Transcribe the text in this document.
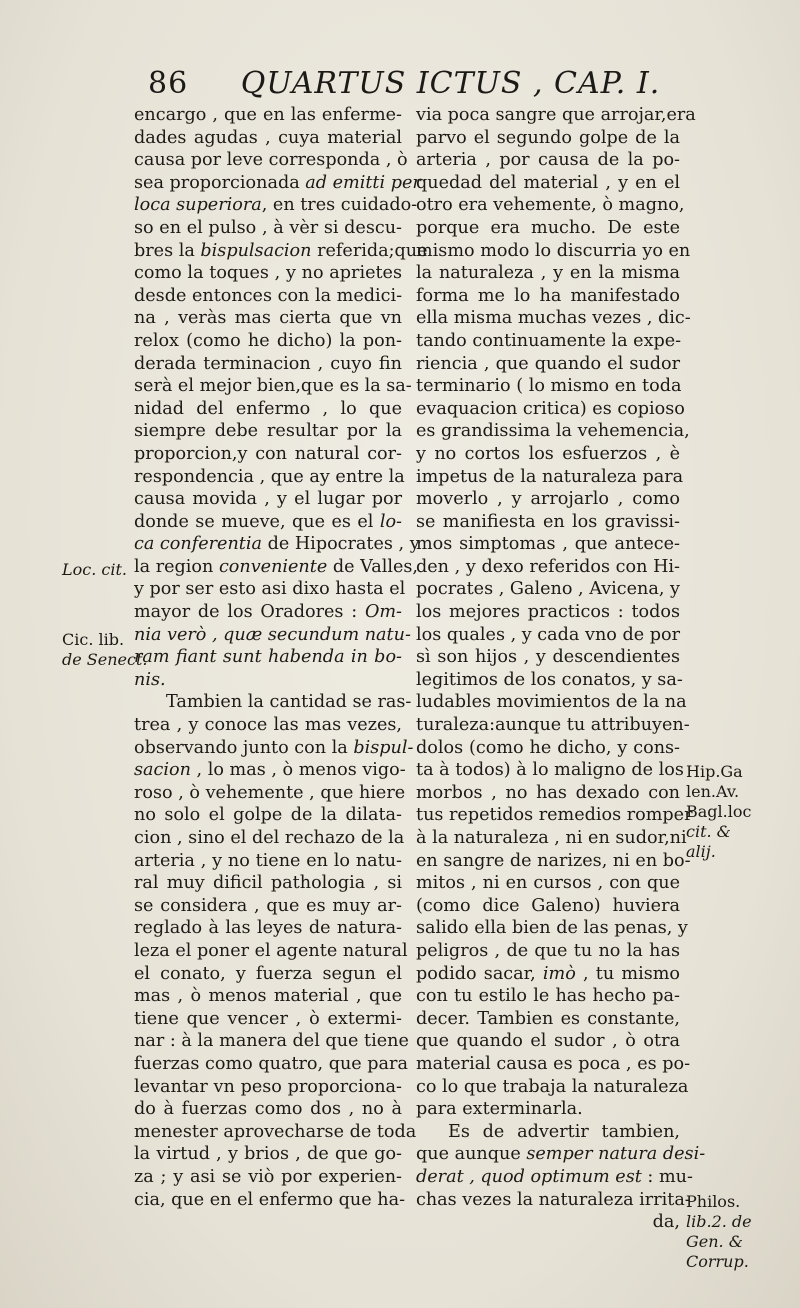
86 QUARTUS ICTUS , CAP. I.
encargo , que en las enferme-
dades agudas , cuya material
causa por leve corresponda , ò
sea proporcionada ad emitti per
loca superiora, en tres cuidado-
so en el pulso , à vèr si descu-
bres la bispulsacion referida;que
como la toques , y no aprietes
desde entonces con la medici-
na , veràs mas cierta que vn
relox (como he dicho) la pon-
derada terminacion , cuyo fin
serà el mejor bien,que es la sa-
nidad del enfermo , lo que
siempre debe resultar por la
proporcion,y con natural cor-
respondencia , que ay entre la
causa movida , y el lugar por
donde se mueve, que es el lo-
ca conferentia de Hipocrates , y
la region conveniente de Valles,
y por ser esto asi dixo hasta el
mayor de los Oradores : Om-
nia verò , quæ secundum natu-
ram fiant sunt habenda in bo-
nis.
Tambien la cantidad se ras-
trea , y conoce las mas vezes,
observando junto con la bispul-
sacion , lo mas , ò menos vigo-
roso , ò vehemente , que hiere
no solo el golpe de la dilata-
cion , sino el del rechazo de la
arteria , y no tiene en lo natu-
ral muy dificil pathologia , si
se considera , que es muy ar-
reglado à las leyes de natura-
leza el poner el agente natural
el conato, y fuerza segun el
mas , ò menos material , que
tiene que vencer , ò extermi-
nar : à la manera del que tiene
fuerzas como quatro, que para
levantar vn peso proporciona-
do à fuerzas como dos , no à
menester aprovecharse de toda
la virtud , y brios , de que go-
za ; y asi se viò por experien-
cia, que en el enfermo que ha-
via poca sangre que arrojar,era
parvo el segundo golpe de la
arteria , por causa de la po-
quedad del material , y en el
otro era vehemente, ò magno,
porque era mucho. De este
mismo modo lo discurria yo en
la naturaleza , y en la misma
forma me lo ha manifestado
ella misma muchas vezes , dic-
tando continuamente la expe-
riencia , que quando el sudor
terminario ( lo mismo en toda
evaquacion critica) es copioso
es grandissima la vehemencia,
y no cortos los esfuerzos , è
impetus de la naturaleza para
moverlo , y arrojarlo , como
se manifiesta en los gravissi-
mos simptomas , que antece-
den , y dexo referidos con Hi-
pocrates , Galeno , Avicena, y
los mejores practicos : todos
los quales , y cada vno de por
sì son hijos , y descendientes
legitimos de los conatos, y sa-
ludables movimientos de la na
turaleza:aunque tu attribuyen-
dolos (como he dicho, y cons-
ta à todos) à lo maligno de los
morbos , no has dexado con
tus repetidos remedios romper
à la naturaleza , ni en sudor,ni
en sangre de narizes, ni en bo-
mitos , ni en cursos , con que
(como dice Galeno) huviera
salido ella bien de las penas, y
peligros , de que tu no la has
podido sacar, imò , tu mismo
con tu estilo le has hecho pa-
decer. Tambien es constante,
que quando el sudor , ò otra
material causa es poca , es po-
co lo que trabaja la naturaleza
para exterminarla.
Es de advertir tambien,
que aunque semper natura desi-
derat , quod optimum est : mu-
chas vezes la naturaleza irrita-
da,
Loc. cit.
Cic. lib.
de Senect.
Hip.Ga
len.Av.
Bagl.loc
cit. &
alij.
Philos.
lib.2. de
Gen. &
Corrup.
